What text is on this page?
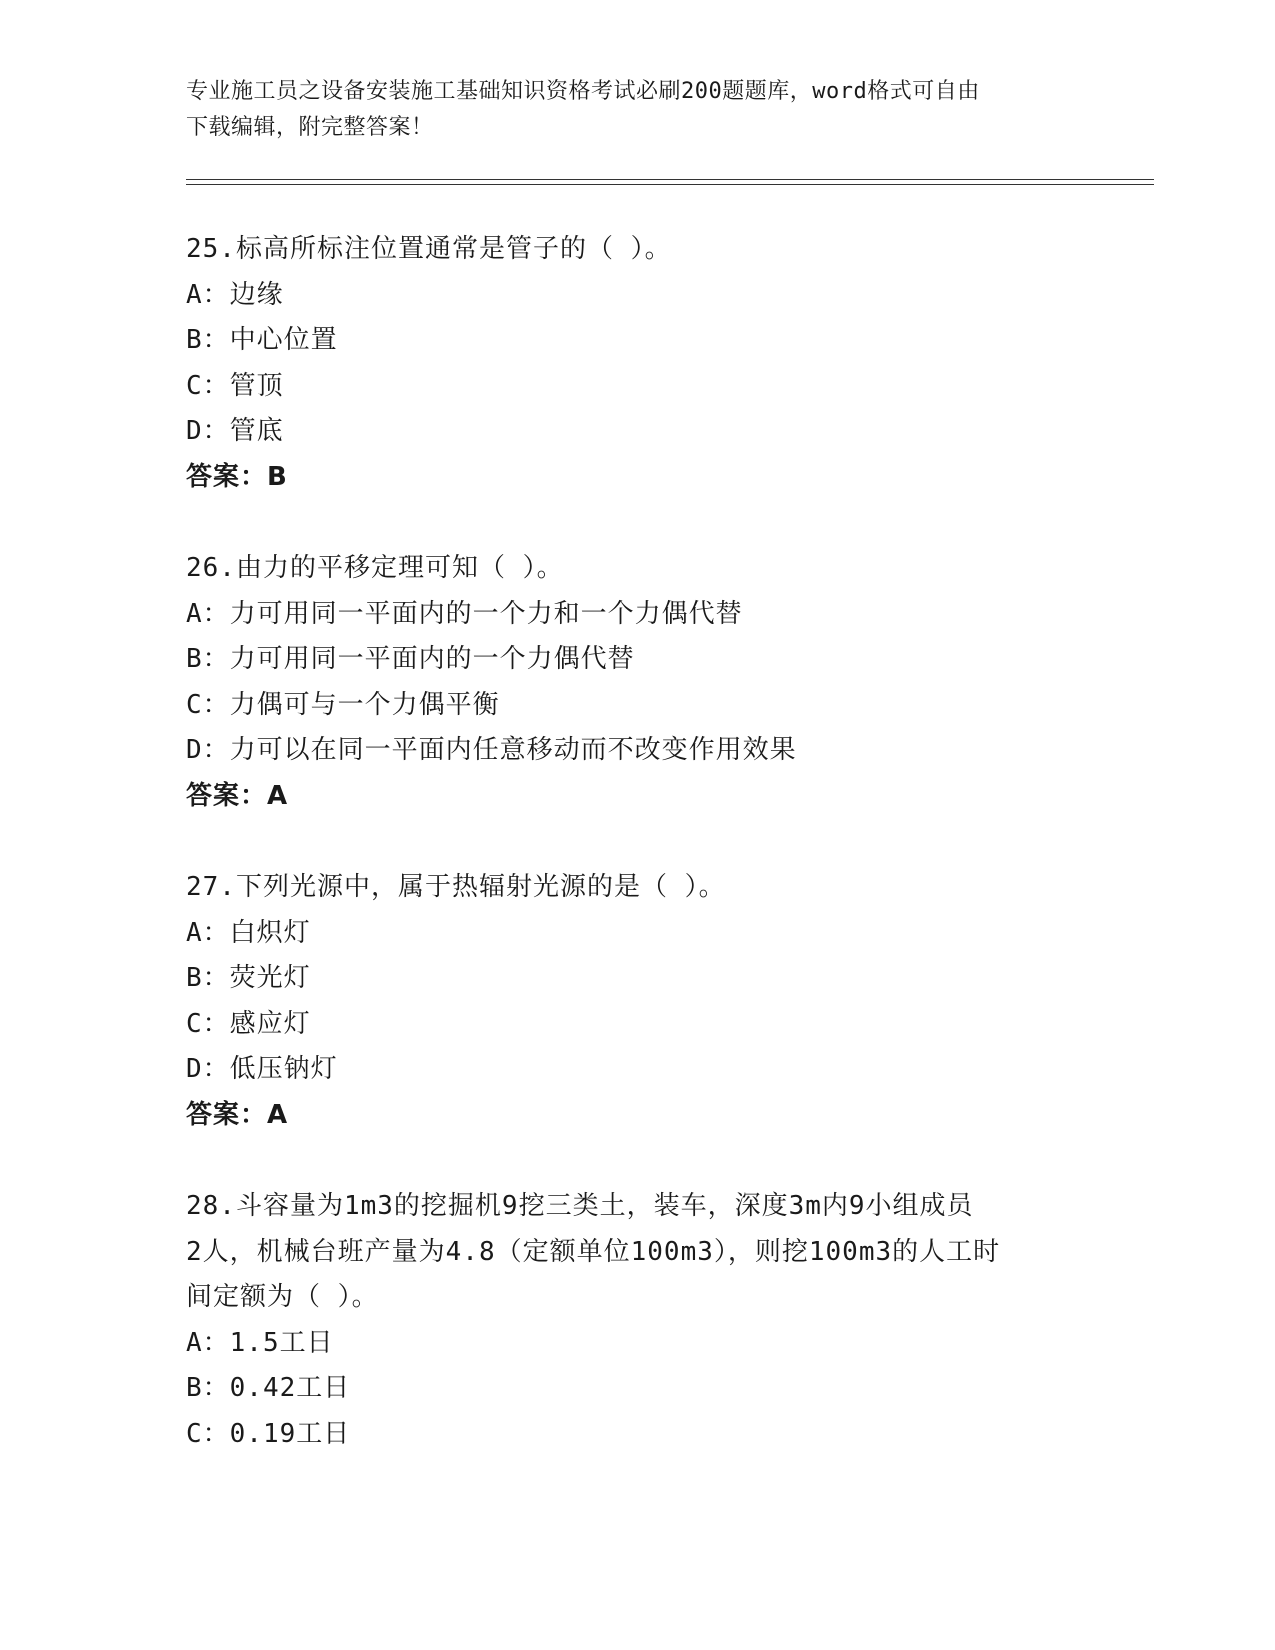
专业施工员之设备安装施工基础知识资格考试必刷200题题库，word格式可自由
下载编辑，附完整答案！
25.标高所标注位置通常是管子的（ ）。
A：边缘
B：中心位置
C：管顶
D：管底
答案：B
26.由力的平移定理可知（ ）。
A：力可用同一平面内的一个力和一个力偶代替
B：力可用同一平面内的一个力偶代替
C：力偶可与一个力偶平衡
D：力可以在同一平面内任意移动而不改变作用效果
答案：A
27.下列光源中，属于热辐射光源的是（ ）。
A：白炽灯
B：荧光灯
C：感应灯
D：低压钠灯
答案：A
28.斗容量为1m3的挖掘机9挖三类土，装车，深度3m内9小组成员
2人，机械台班产量为4.8（定额单位100m3），则挖100m3的人工时
间定额为（ ）。
A：1.5工日
B：0.42工日
C：0.19工日
